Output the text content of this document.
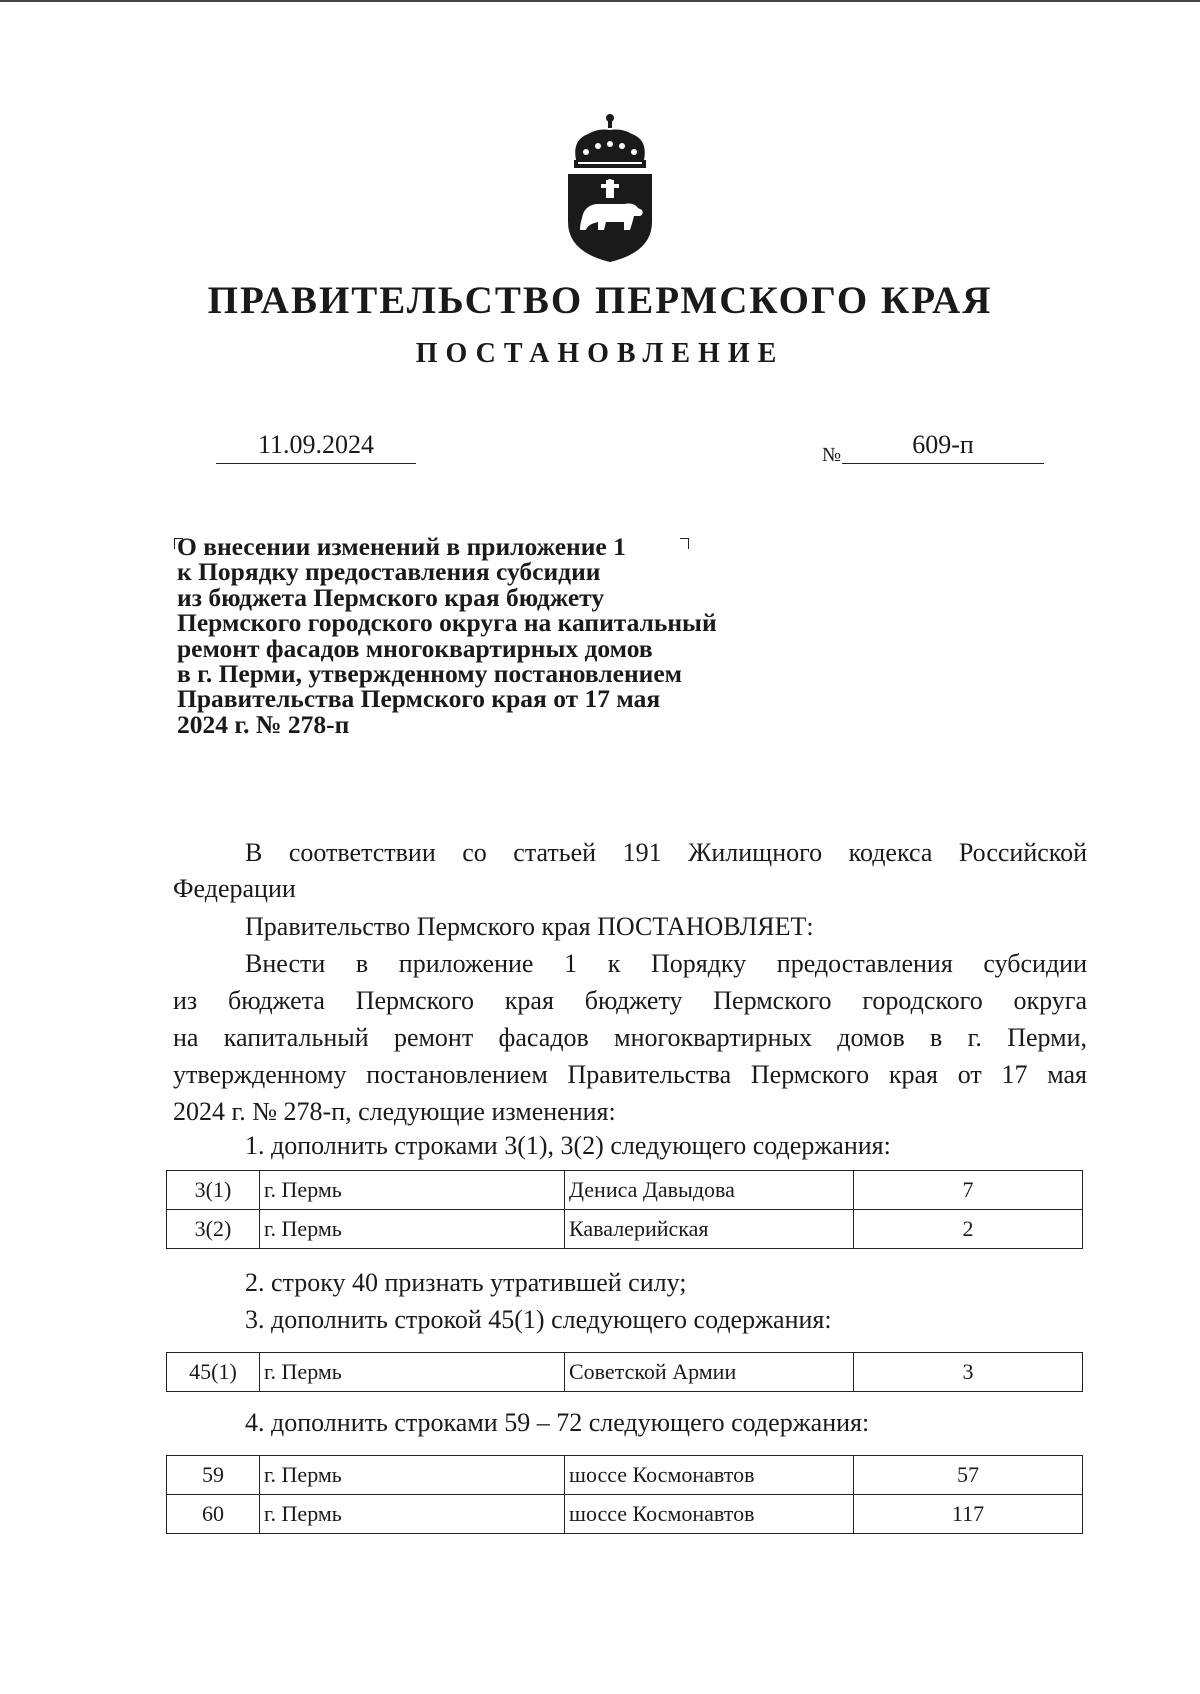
ПРАВИТЕЛЬСТВО ПЕРМСКОГО КРАЯ
ПОСТАНОВЛЕНИЕ
11.09.2024	№	609-п
О внесении изменений в приложение 1
к Порядку предоставления субсидии
из бюджета Пермского края бюджету
Пермского городского округа на капитальный
ремонт фасадов многоквартирных домов
в г. Перми, утвержденному постановлением
Правительства Пермского края от 17 мая
2024 г. № 278-п
В соответствии со статьей 191 Жилищного кодекса Российской
Федерации
Правительство Пермского края ПОСТАНОВЛЯЕТ:
Внести в приложение 1 к Порядку предоставления субсидии
из бюджета Пермского края бюджету Пермского городского округа
на капитальный ремонт фасадов многоквартирных домов в г. Перми,
утвержденному постановлением Правительства Пермского края от 17 мая
2024 г. № 278-п, следующие изменения:
1. дополнить строками 3(1), 3(2) следующего содержания:
3(1)	г. Пермь	Дениса Давыдова	7
3(2)	г. Пермь	Кавалерийская	2
2. строку 40 признать утратившей силу;
3. дополнить строкой 45(1) следующего содержания:
45(1)	г. Пермь	Советской Армии	3
4. дополнить строками 59 – 72 следующего содержания:
59	г. Пермь	шоссе Космонавтов	57
60	г. Пермь	шоссе Космонавтов	117
